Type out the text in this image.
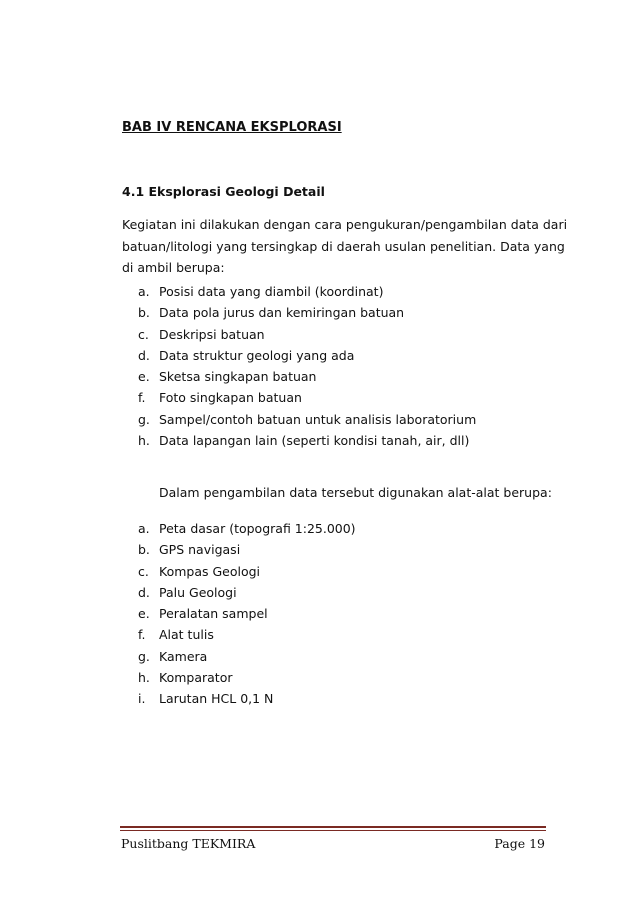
BAB IV RENCANA EKSPLORASI
4.1 Eksplorasi Geologi Detail

Kegiatan ini dilakukan dengan cara pengukuran/pengambilan data dari
batuan/litologi yang tersingkap di daerah usulan penelitian. Data yang
di ambil berupa:

a. Posisi data yang diambil (koordinat)
b. Data pola jurus dan kemiringan batuan
c. Deskripsi batuan
d. Data struktur geologi yang ada
e. Sketsa singkapan batuan
f. Foto singkapan batuan
g. Sampel/contoh batuan untuk analisis laboratorium
h. Data lapangan lain (seperti kondisi tanah, air, dll)

Dalam pengambilan data tersebut digunakan alat-alat berupa:

a. Peta dasar (topografi 1:25.000)
b. GPS navigasi
c. Kompas Geologi
d. Palu Geologi
e. Peralatan sampel
f. Alat tulis
g. Kamera
h. Komparator
i. Larutan HCL 0,1 N
Puslitbang TEKMIRA	Page 19
